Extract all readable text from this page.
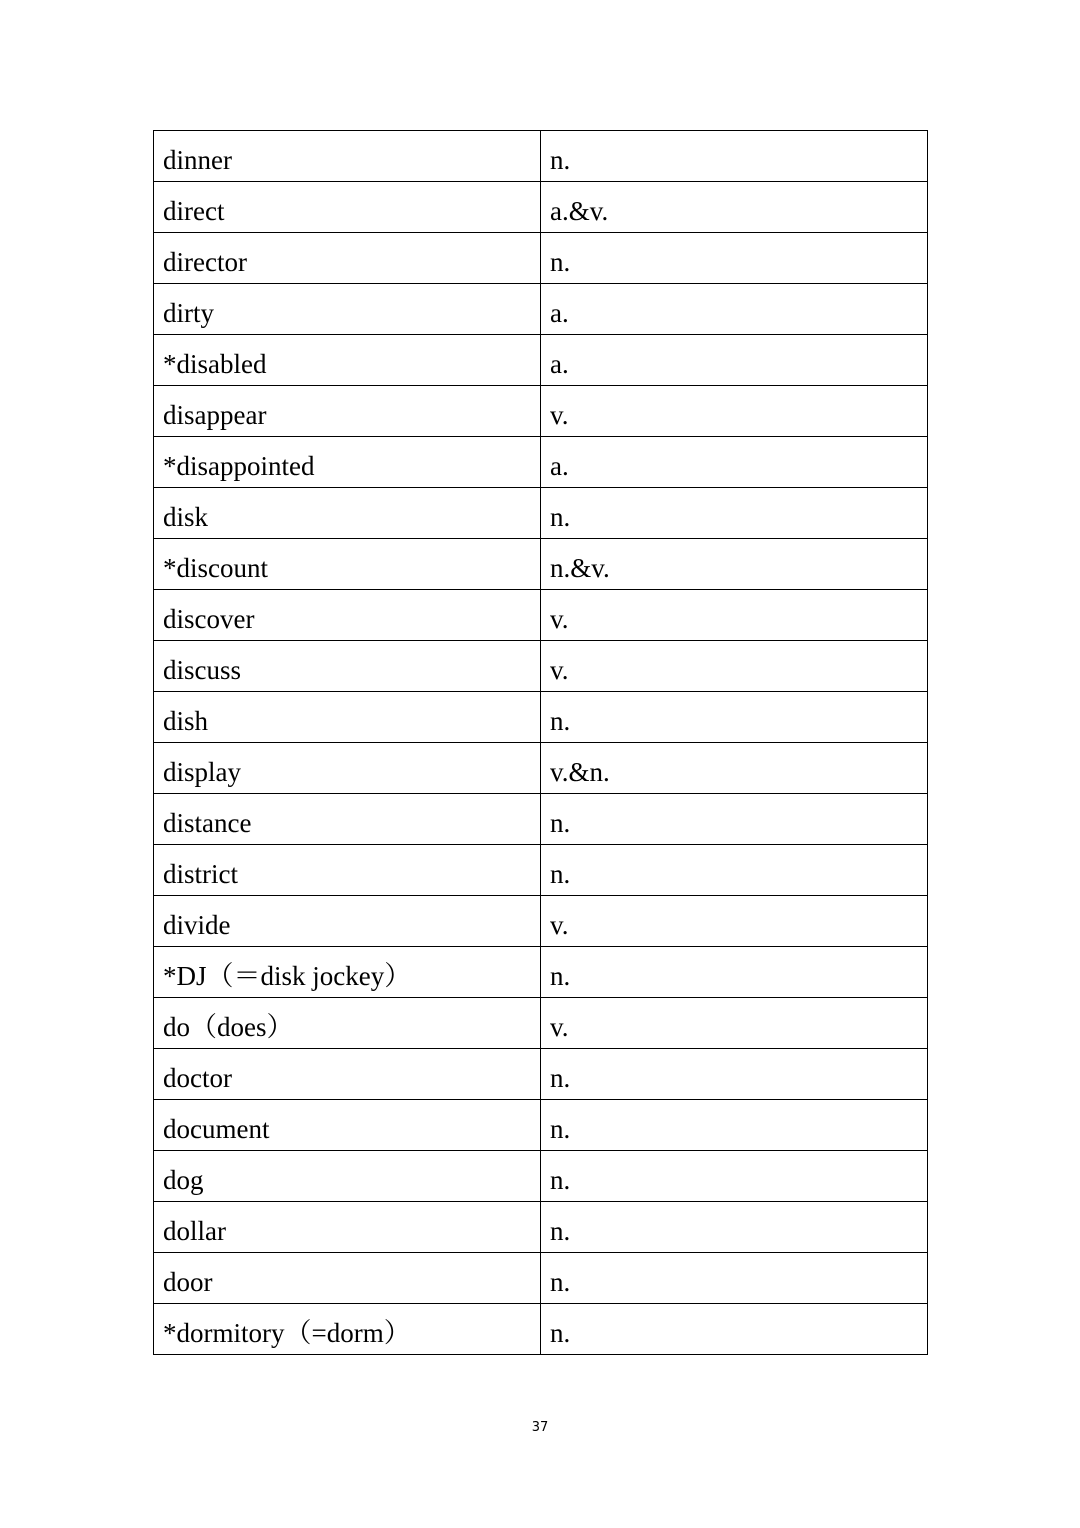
dinner	n.
direct	a.&v.
director	n.
dirty	a.
*disabled	a.
disappear	v.
*disappointed	a.
disk	n.
*discount	n.&v.
discover	v.
discuss	v.
dish	n.
display	v.&n.
distance	n.
district	n.
divide	v.
*DJ（＝disk jockey）	n.
do（does）	v.
doctor	n.
document	n.
dog	n.
dollar	n.
door	n.
*dormitory（=dorm）	n.
37
